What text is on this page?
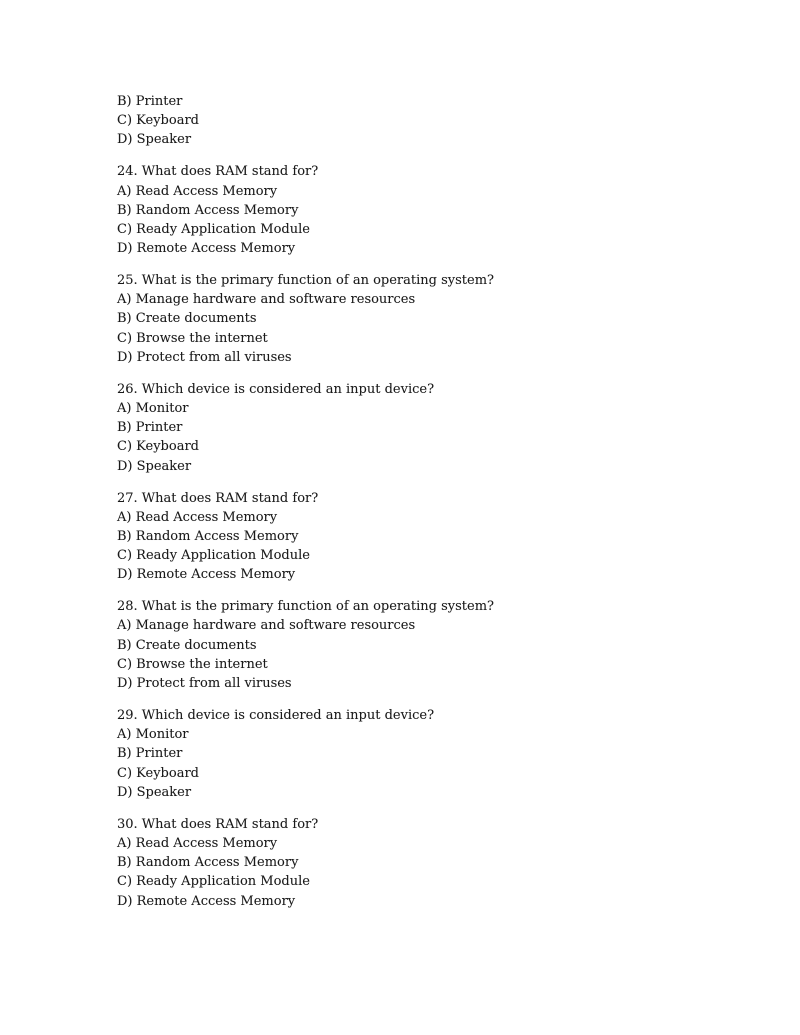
B) Printer
C) Keyboard
D) Speaker
24. What does RAM stand for?
A) Read Access Memory
B) Random Access Memory
C) Ready Application Module
D) Remote Access Memory
25. What is the primary function of an operating system?
A) Manage hardware and software resources
B) Create documents
C) Browse the internet
D) Protect from all viruses
26. Which device is considered an input device?
A) Monitor
B) Printer
C) Keyboard
D) Speaker
27. What does RAM stand for?
A) Read Access Memory
B) Random Access Memory
C) Ready Application Module
D) Remote Access Memory
28. What is the primary function of an operating system?
A) Manage hardware and software resources
B) Create documents
C) Browse the internet
D) Protect from all viruses
29. Which device is considered an input device?
A) Monitor
B) Printer
C) Keyboard
D) Speaker
30. What does RAM stand for?
A) Read Access Memory
B) Random Access Memory
C) Ready Application Module
D) Remote Access Memory
